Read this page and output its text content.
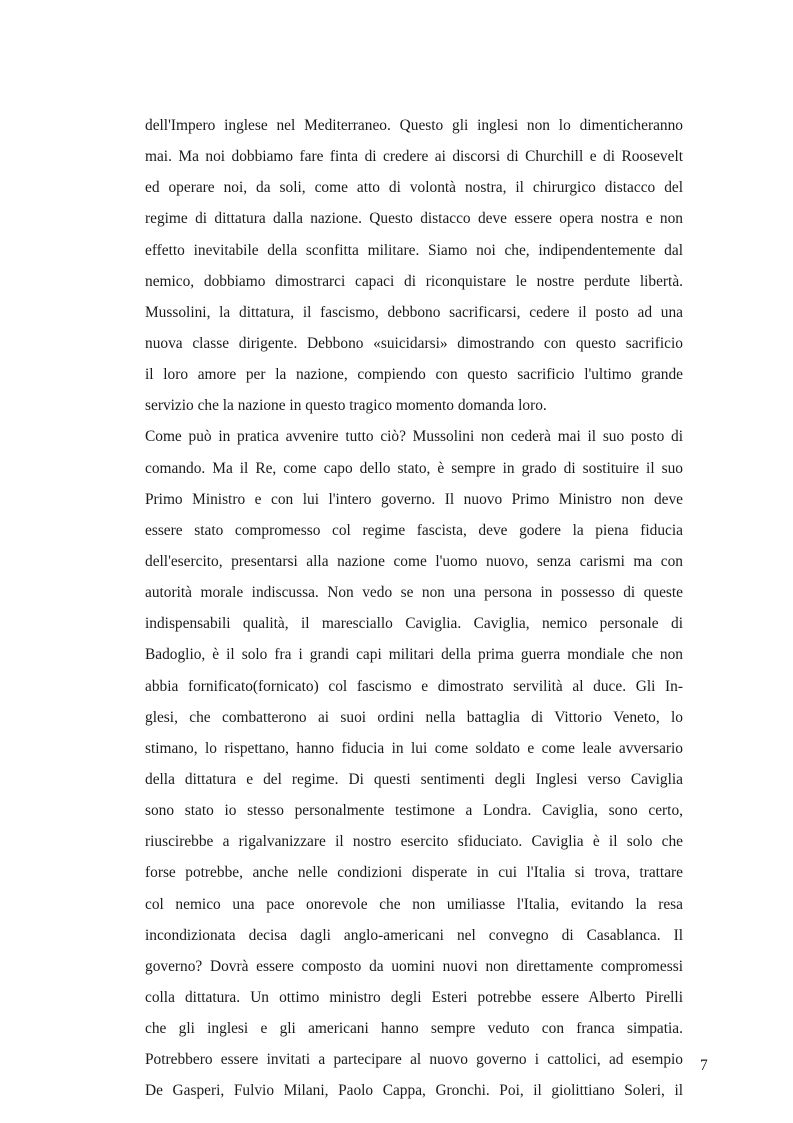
dell'Impero inglese nel Mediterraneo. Questo gli inglesi non lo dimenticheranno
mai. Ma noi dobbiamo fare finta di credere ai discorsi di Churchill e di Roosevelt
ed operare noi, da soli, come atto di volontà nostra, il chirurgico distacco del
regime di dittatura dalla nazione. Questo distacco deve essere opera nostra e non
effetto inevitabile della sconfitta militare. Siamo noi che, indipendentemente dal
nemico, dobbiamo dimostrarci capaci di riconquistare le nostre perdute libertà.
Mussolini, la dittatura, il fascismo, debbono sacrificarsi, cedere il posto ad una
nuova classe dirigente. Debbono «suicidarsi» dimostrando con questo sacrificio
il loro amore per la nazione, compiendo con questo sacrificio l'ultimo grande
servizio che la nazione in questo tragico momento domanda loro.
Come può in pratica avvenire tutto ciò? Mussolini non cederà mai il suo posto di
comando. Ma il Re, come capo dello stato, è sempre in grado di sostituire il suo
Primo Ministro e con lui l'intero governo. Il nuovo Primo Ministro non deve
essere stato compromesso col regime fascista, deve godere la piena fiducia
dell'esercito, presentarsi alla nazione come l'uomo nuovo, senza carismi ma con
autorità morale indiscussa. Non vedo se non una persona in possesso di queste
indispensabili qualità, il maresciallo Caviglia. Caviglia, nemico personale di
Badoglio, è il solo fra i grandi capi militari della prima guerra mondiale che non
abbia fornificato(fornicato) col fascismo e dimostrato servilità al duce. Gli In-
glesi, che combatterono ai suoi ordini nella battaglia di Vittorio Veneto, lo
stimano, lo rispettano, hanno fiducia in lui come soldato e come leale avversario
della dittatura e del regime. Di questi sentimenti degli Inglesi verso Caviglia
sono stato io stesso personalmente testimone a Londra. Caviglia, sono certo,
riuscirebbe a rigalvanizzare il nostro esercito sfiduciato. Caviglia è il solo che
forse potrebbe, anche nelle condizioni disperate in cui l'Italia si trova, trattare
col nemico una pace onorevole che non umiliasse l'Italia, evitando la resa
incondizionata decisa dagli anglo-americani nel convegno di Casablanca. Il
governo? Dovrà essere composto da uomini nuovi non direttamente compromessi
colla dittatura. Un ottimo ministro degli Esteri potrebbe essere Alberto Pirelli
che gli inglesi e gli americani hanno sempre veduto con franca simpatia.
Potrebbero essere invitati a partecipare al nuovo governo i cattolici, ad esempio
De Gasperi, Fulvio Milani, Paolo Cappa, Gronchi. Poi, il giolittiano Soleri, il
7
